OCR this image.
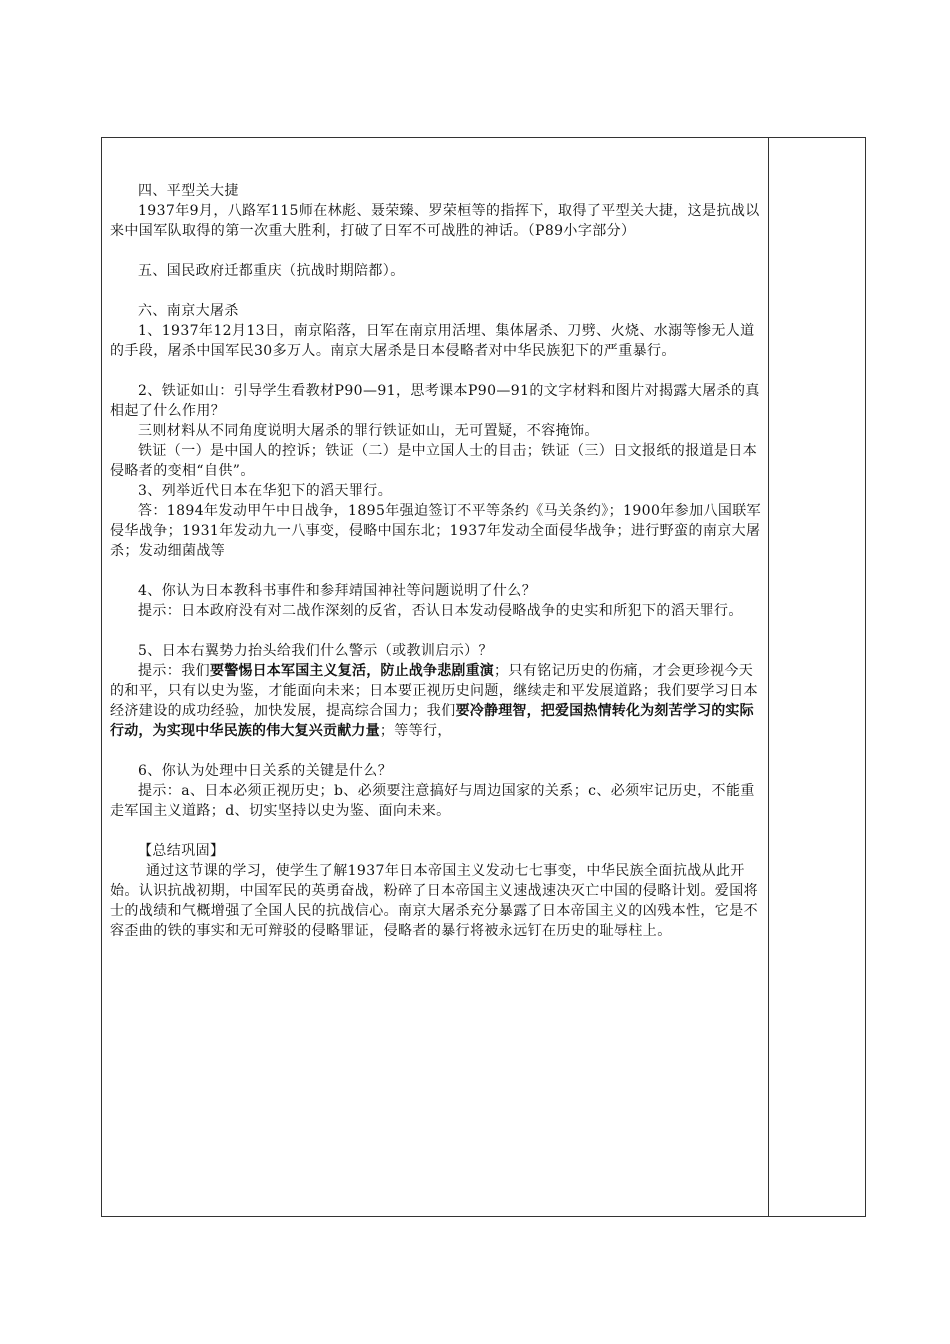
四、平型关大捷

1937年9月，八路军115师在林彪、聂荣臻、罗荣桓等的指挥下，取得了平型关大捷，这是抗战以来中国军队取得的第一次重大胜利，打破了日军不可战胜的神话。（P89小字部分）

五、国民政府迁都重庆（抗战时期陪都）。

六、南京大屠杀

1、1937年12月13日，南京陷落，日军在南京用活埋、集体屠杀、刀劈、火烧、水溺等惨无人道的手段，屠杀中国军民30多万人。南京大屠杀是日本侵略者对中华民族犯下的严重暴行。

2、铁证如山：引导学生看教材P90—91，思考课本P90—91的文字材料和图片对揭露大屠杀的真相起了什么作用？

三则材料从不同角度说明大屠杀的罪行铁证如山，无可置疑，不容掩饰。

铁证（一）是中国人的控诉；铁证（二）是中立国人士的目击；铁证（三）日文报纸的报道是日本侵略者的变相“自供”。

3、列举近代日本在华犯下的滔天罪行。

答：1894年发动甲午中日战争，1895年强迫签订不平等条约《马关条约》；1900年参加八国联军侵华战争；1931年发动九一八事变，侵略中国东北；1937年发动全面侵华战争；进行野蛮的南京大屠杀；发动细菌战等

4、你认为日本教科书事件和参拜靖国神社等问题说明了什么？

提示：日本政府没有对二战作深刻的反省，否认日本发动侵略战争的史实和所犯下的滔天罪行。

5、日本右翼势力抬头给我们什么警示（或教训启示）？

提示：我们要警惕日本军国主义复活，防止战争悲剧重演；只有铭记历史的伤痛，才会更珍视今天的和平，只有以史为鉴，才能面向未来；日本要正视历史问题，继续走和平发展道路；我们要学习日本经济建设的成功经验，加快发展，提高综合国力；我们要冷静理智，把爱国热情转化为刻苦学习的实际行动，为实现中华民族的伟大复兴贡献力量；等等行，

6、你认为处理中日关系的关键是什么？

提示：a、日本必须正视历史；b、必须要注意搞好与周边国家的关系；c、必须牢记历史，不能重走军国主义道路；d、切实坚持以史为鉴、面向未来。

【总结巩固】

通过这节课的学习，使学生了解1937年日本帝国主义发动七七事变，中华民族全面抗战从此开始。认识抗战初期，中国军民的英勇奋战，粉碎了日本帝国主义速战速决灭亡中国的侵略计划。爱国将士的战绩和气概增强了全国人民的抗战信心。南京大屠杀充分暴露了日本帝国主义的凶残本性，它是不容歪曲的铁的事实和无可辩驳的侵略罪证，侵略者的暴行将被永远钉在历史的耻辱柱上。
